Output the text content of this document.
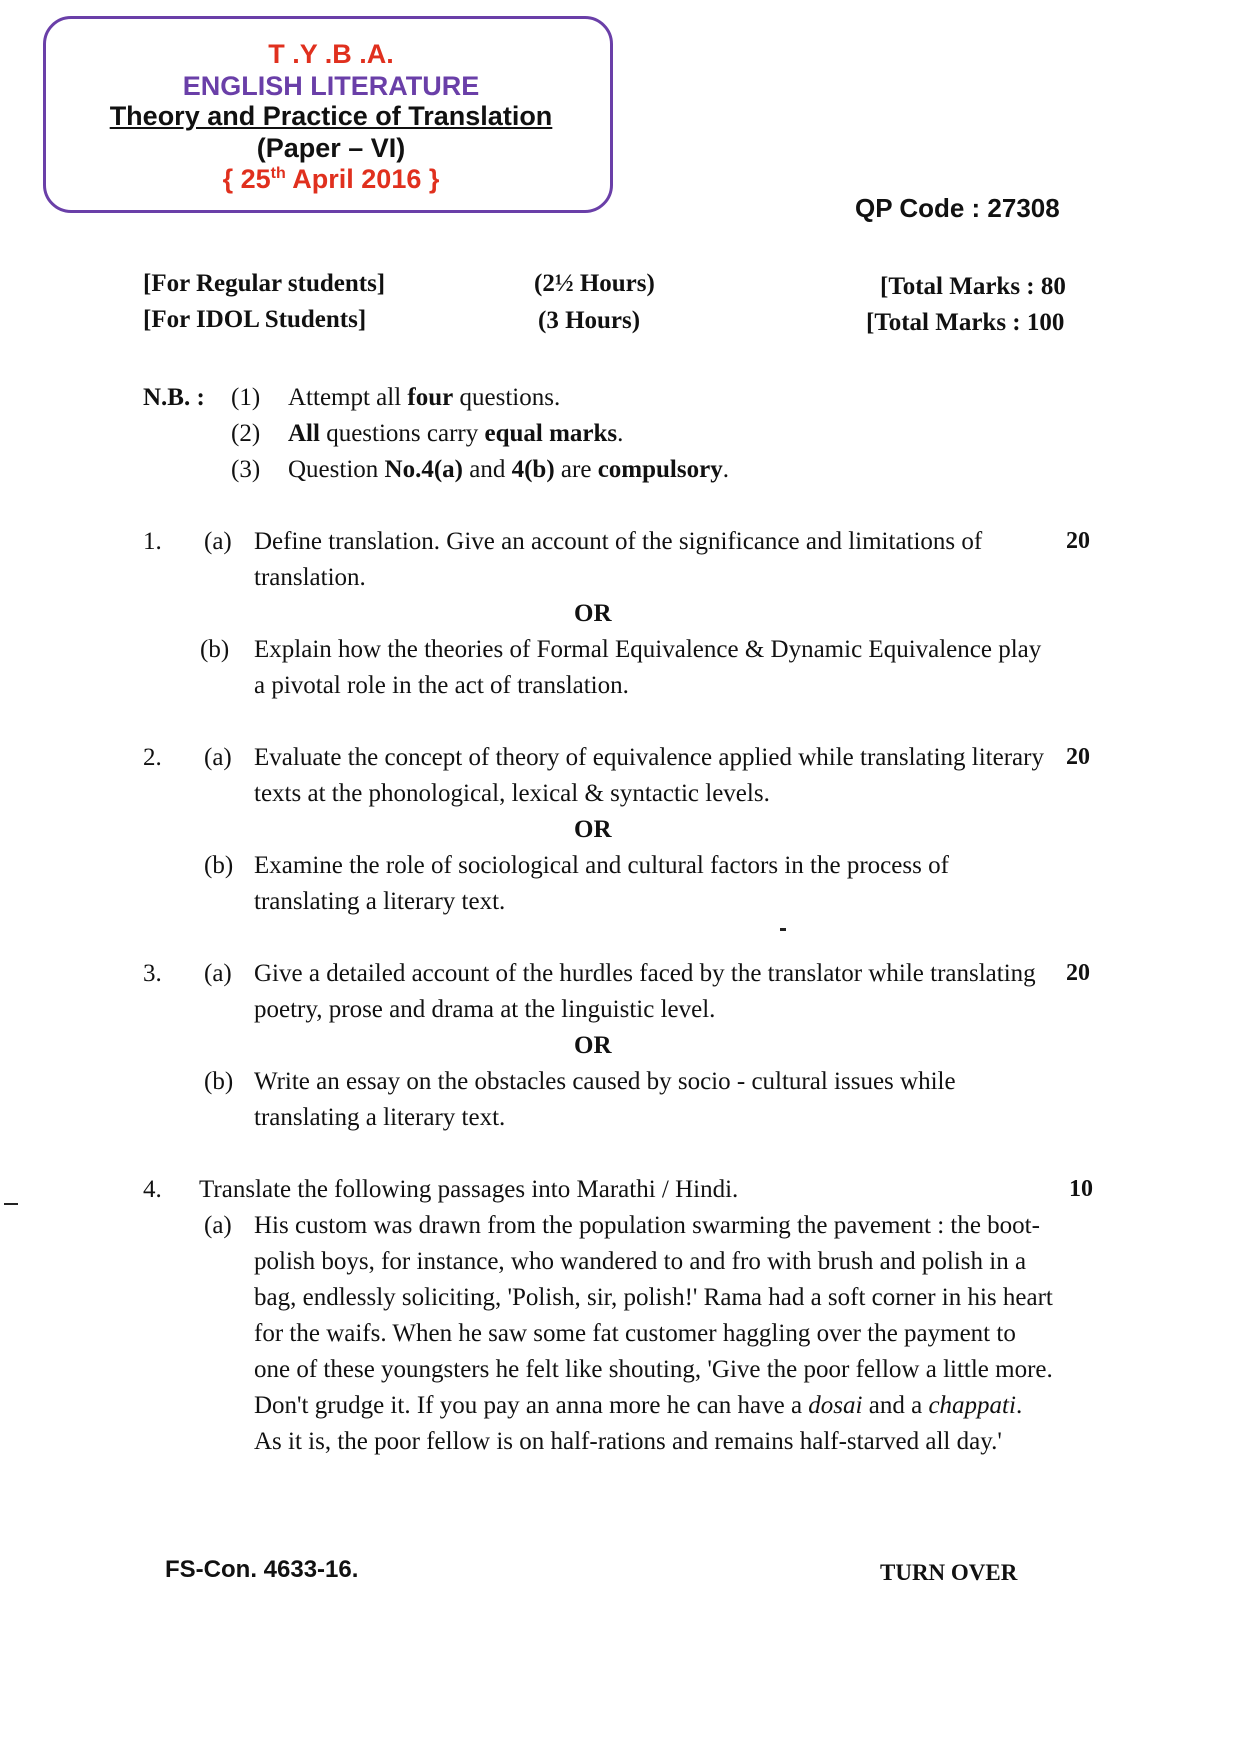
T .Y .B .A.
ENGLISH LITERATURE
Theory and Practice of Translation
(Paper – VI)
{ 25th April 2016 }
QP Code : 27308
[For Regular students]	(2½ Hours)	[Total Marks : 80
[For IDOL Students]	(3 Hours)	[Total Marks : 100
N.B. : (1) Attempt all four questions.
(2) All questions carry equal marks.
(3) Question No.4(a) and 4(b) are compulsory.
1. (a) Define translation. Give an account of the significance and limitations of translation.
20
OR
(b) Explain how the theories of Formal Equivalence & Dynamic Equivalence play a pivotal role in the act of translation.
2. (a) Evaluate the concept of theory of equivalence applied while translating literary texts at the phonological, lexical & syntactic levels.
20
OR
(b) Examine the role of sociological and cultural factors in the process of translating a literary text.
3. (a) Give a detailed account of the hurdles faced by the translator while translating poetry, prose and drama at the linguistic level.
20
OR
(b) Write an essay on the obstacles caused by socio - cultural issues while translating a literary text.
4. Translate the following passages into Marathi / Hindi.	10
(a) His custom was drawn from the population swarming the pavement : the boot-polish boys, for instance, who wandered to and fro with brush and polish in a bag, endlessly soliciting, 'Polish, sir, polish!' Rama had a soft corner in his heart for the waifs. When he saw some fat customer haggling over the payment to one of these youngsters he felt like shouting, 'Give the poor fellow a little more. Don't grudge it. If you pay an anna more he can have a dosai and a chappati. As it is, the poor fellow is on half-rations and remains half-starved all day.'
FS-Con. 4633-16.	TURN OVER
